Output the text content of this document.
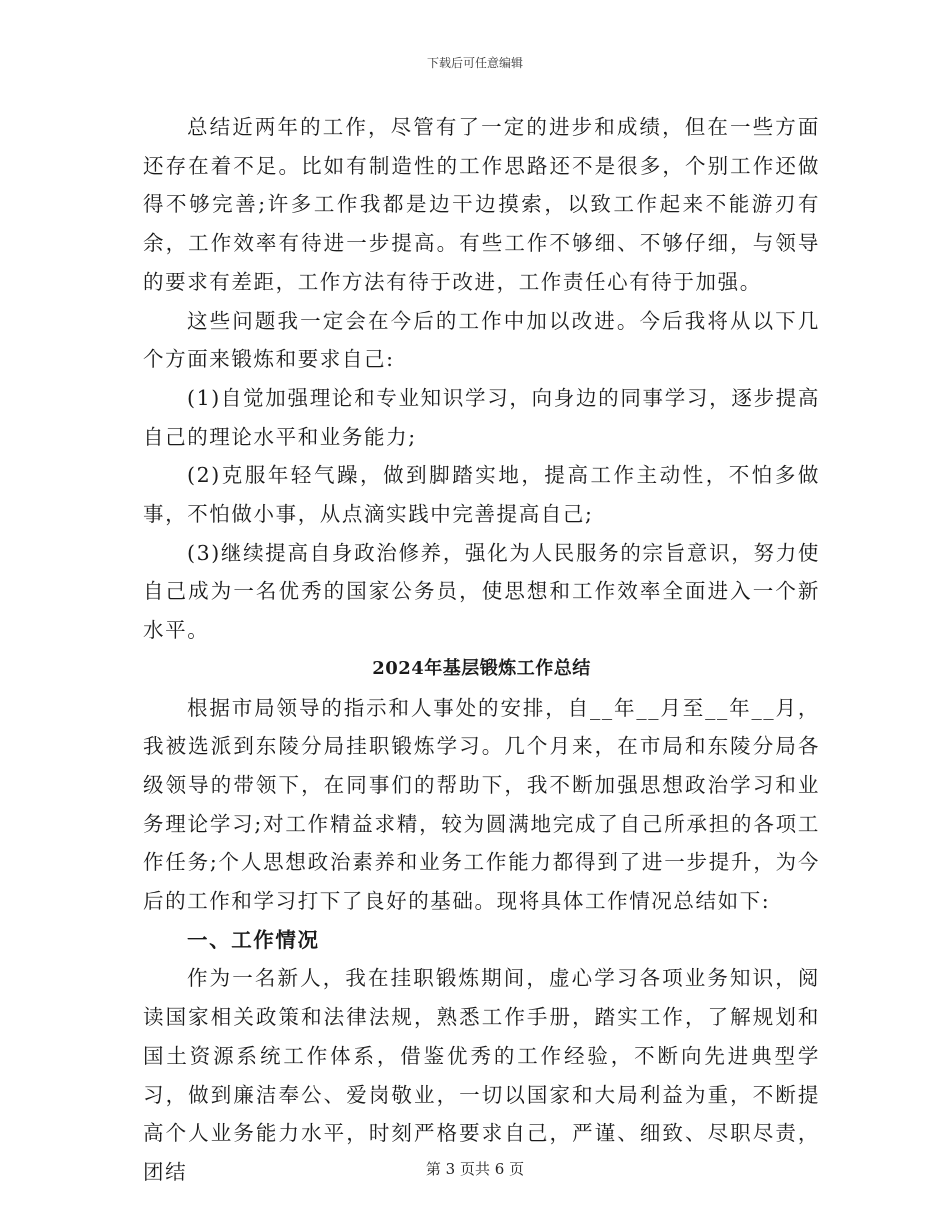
下载后可任意编辑

总结近两年的工作，尽管有了一定的进步和成绩，但在一些方面还存在着不足。比如有制造性的工作思路还不是很多，个别工作还做得不够完善;许多工作我都是边干边摸索，以致工作起来不能游刃有余，工作效率有待进一步提高。有些工作不够细、不够仔细，与领导的要求有差距，工作方法有待于改进，工作责任心有待于加强。

这些问题我一定会在今后的工作中加以改进。今后我将从以下几个方面来锻炼和要求自己:

(1)自觉加强理论和专业知识学习，向身边的同事学习，逐步提高自己的理论水平和业务能力;

(2)克服年轻气躁，做到脚踏实地，提高工作主动性，不怕多做事，不怕做小事，从点滴实践中完善提高自己;

(3)继续提高自身政治修养，强化为人民服务的宗旨意识，努力使自己成为一名优秀的国家公务员，使思想和工作效率全面进入一个新水平。

2024年基层锻炼工作总结

根据市局领导的指示和人事处的安排，自__年__月至__年__月，我被选派到东陵分局挂职锻炼学习。几个月来，在市局和东陵分局各级领导的带领下，在同事们的帮助下，我不断加强思想政治学习和业务理论学习;对工作精益求精，较为圆满地完成了自己所承担的各项工作任务;个人思想政治素养和业务工作能力都得到了进一步提升，为今后的工作和学习打下了良好的基础。现将具体工作情况总结如下:

一、工作情况

作为一名新人，我在挂职锻炼期间，虚心学习各项业务知识，阅读国家相关政策和法律法规，熟悉工作手册，踏实工作，了解规划和国土资源系统工作体系，借鉴优秀的工作经验，不断向先进典型学习，做到廉洁奉公、爱岗敬业，一切以国家和大局利益为重，不断提高个人业务能力水平，时刻严格要求自己，严谨、细致、尽职尽责，团结	第 3 页共 6 页
